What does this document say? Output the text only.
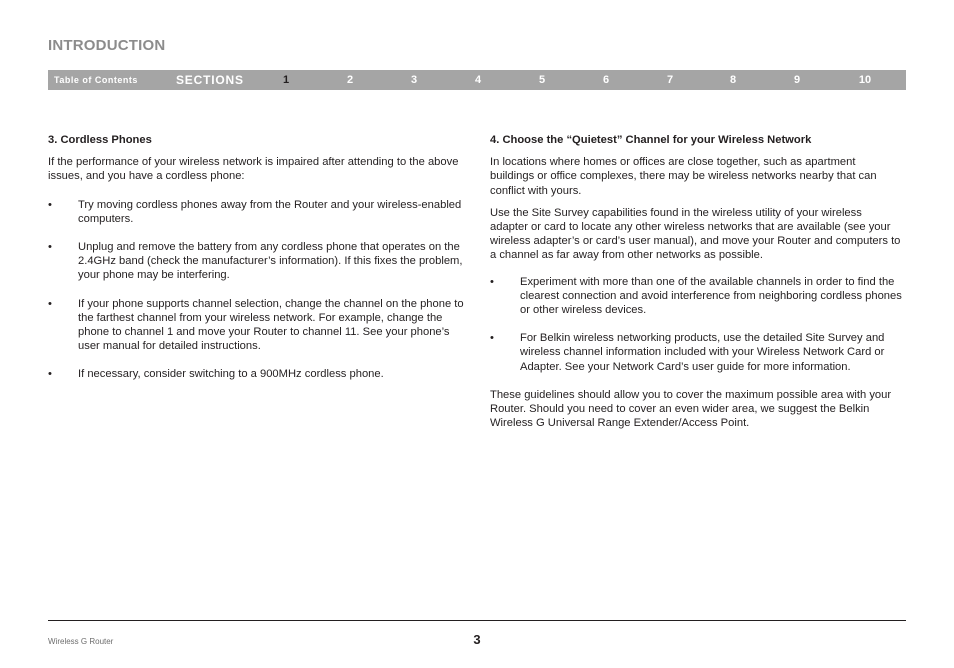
INTRODUCTION
Table of Contents	SECTIONS	1	2	3	4	5	6	7	8	9	10
3. Cordless Phones
If the performance of your wireless network is impaired after attending to the above issues, and you have a cordless phone:
• Try moving cordless phones away from the Router and your wireless-enabled computers.
• Unplug and remove the battery from any cordless phone that operates on the 2.4GHz band (check the manufacturer’s information). If this fixes the problem, your phone may be interfering.
• If your phone supports channel selection, change the channel on the phone to the farthest channel from your wireless network. For example, change the phone to channel 1 and move your Router to channel 11. See your phone’s user manual for detailed instructions.
• If necessary, consider switching to a 900MHz cordless phone.
4. Choose the “Quietest” Channel for your Wireless Network
In locations where homes or offices are close together, such as apartment buildings or office complexes, there may be wireless networks nearby that can conflict with yours.
Use the Site Survey capabilities found in the wireless utility of your wireless adapter or card to locate any other wireless networks that are available (see your wireless adapter’s or card’s user manual), and move your Router and computers to a channel as far away from other networks as possible.
• Experiment with more than one of the available channels in order to find the clearest connection and avoid interference from neighboring cordless phones or other wireless devices.
• For Belkin wireless networking products, use the detailed Site Survey and wireless channel information included with your Wireless Network Card or Adapter. See your Network Card’s user guide for more information.
These guidelines should allow you to cover the maximum possible area with your Router. Should you need to cover an even wider area, we suggest the Belkin Wireless G Universal Range Extender/Access Point.
Wireless G Router	3
